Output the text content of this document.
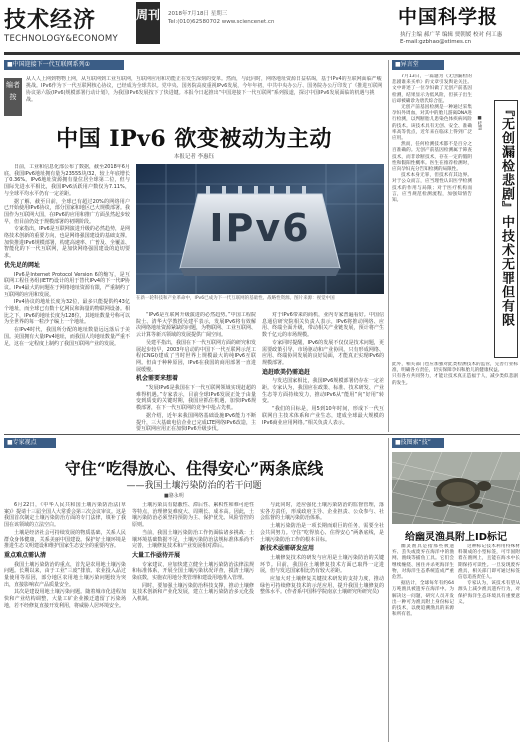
技术经济	周刊
TECHNOLOGY&ECONOMY
2018年7月18日 星期三
Tel:(010)62580702 www.sciencenet.cn	中国科学报
执行主编 郝广苹 编辑 贾朝媛 校对 何工惠
E-mail:gzbhao@stimes.cn
■中国迎接下一代互联网系列①
编者按
从人人上网到物物上网，从互联网到工业互联网，互联网应用和功能正在发生深刻的变革。然而，与此同时，网络地址资源日益枯竭，基于IPv4的互联网面临严峻挑战。IPv6作为下一代互联网核心协议，已经成为全球共识。党中央、国务院高度重视IPv6发展，今年年初，中共中央办公厅、国务院办公厅印发了《推进互联网协议第六版(IPv6)规模部署行动计划》，为我国IPv6发展按下了快进键。本报今日起推出“中国迎接下一代互联网”系列报道，探讨中国IPv6发展面临的机遇与挑战。
中国 IPv6 欲变被动为主动
本报记者 李惠钰

日前，工业和信息化部公布了数据，截至2018年6月底，我国IPv6地址拥有量为23555块/32，较上年底增长了0.36%。IPv6地址资源拥有量位居全球第二位，但与国际先进水平相比，我国IPv6活跃用户数仅为7.11%，与全球平均水平仍有一定差距。

据了解，截至目前，全球已有超过20%的网络用户已开始使用IPv6协议，部分国家和地区已大规模部署。我国作为互联网大国，在IPv6的应用和推广方面虽然起步较早，但目前仍处于规模部署的初期阶段。

专家指出，IPv6是互联网演进升级的必然趋势，是网络技术创新的重要方向，也是网络强国建设的基础支撑。加快推进IPv6规模部署，构建高速率、广普及、全覆盖、智能化的下一代互联网，是加快网络强国建设的迫切要求。

优先足的网址

IPv6是Internet Protocol Version 6的缩写，是互联网工程任务组(IETF)设计的用于替代IPv4的下一代IP协议。IPv4最大的问题在于网络地址资源有限，严重制约了互联网的应用和发展。

IPv4协议的地址长度为32位，最多只能提供约43亿个地址，而全球已有数十亿网民和海量的物联网设备。相比之下，IPv6的地址长度为128位，其地址数量号称可以为全世界的每一粒沙子编上一个地址。

在IPv4时代，我国所分配的地址数量远远落后于美国。美国拥有大量IPv4地址，而我国人均地址数量严重不足，这在一定程度上制约了我国互联网产业的发展。

IPv6
在新一轮科技和产业革命中，IPv6已成为下一代互联网的基础性、战略性资源。图片来源：视觉中国

“IPv6是互联网升级演进的必然趋势。”中国工程院院士、清华大学教授吴建平表示，发展IPv6将有效解决网络地址资源紧缺的问题，为物联网、工业互联网、云计算等新兴领域的发展提供广阔空间。

吴建平指出，我国在下一代互联网方面的研究和发展起步较早，2003年启动的中国下一代互联网示范工程(CNGI)建成了当时世界上规模最大的纯IPv6互联网。但由于种种原因，IPv6在我国的商用部署一直进展缓慢。

机会需要来想着

“发展IPv6是我国在下一代互联网领域实现赶超的难得机遇。”专家表示，目前全球IPv6发展正处于由量变到质变的关键时期，我国应抓住机遇，加快IPv6规模部署，在下一代互联网的竞争中抢占先机。

据介绍，近年来我国网络基础设施IPv6能力不断提升，三大基础电信企业已完成LTE网络IPv6改造，主要互联网应用正在加快IPv6升级步伐。

对于IPv6带来的商机，业内专家普遍看好。中国信息通信研究院相关负责人表示，IPv6将推动网络、应用、终端全面升级，带动相关产业链发展，预计将产生数千亿元的市场规模。

专家同时提醒，IPv6的发展不仅仅是技术问题，更需要政策引导、市场驱动和产业协同。只有形成网络、应用、终端协同发展的良好局面，才能真正实现IPv6的规模部署。

追赶欧美仍需追赶

与发达国家相比，我国IPv6规模部署仍存在一定差距。专家认为，我国应在政策、标准、技术研发、产业生态等方面持续发力，推动IPv6从“能用”向“好用”转变。

“我们的目标是，用5到10年时间，形成下一代互联网自主技术体系和产业生态，建成全球最大规模的IPv6商业应用网络。”相关负责人表示。

■异言堂

7月13日，一篇题为《无创漏检的悲剧谁来买单》的文章引发舆论关注。文中讲述了一位孕妇做了无创产前基因检测，结果显示为低风险，但孩子出生后却被确诊为唐氏综合征。

无创产前基因检测是一种通过采集孕妇外周血，对其中的胎儿游离DNA进行检测，以判断胎儿患染色体疾病风险的技术。该技术具有无创、安全、准确率高等优点，近年来在临床上得到广泛应用。

然而，任何检测技术都不是百分之百准确的。无创产前基因检测属于筛查技术，而非诊断技术，存在一定的假阴性和假阳性概率。医生在推荐检测时，应向孕妇充分告知检测的局限性。

技术本身无罪，但技术有其边界。对于公众而言，应当理性认识医学检测技术的作用与局限；对于医疗机构而言，应当规范检测流程，加强知情告知。

■桂慧	『无创漏检悲剧』中技术无罪但有限

此外，相关部门也应加强对此类检测技术的监管，完善行业标准，明确各方责任，切实保障孕妇和胎儿的健康权益。

只有各方共同努力，才能让技术真正造福于人，减少类似悲剧的发生。

■专家视点
守住“吃得放心、住得安心”两条底线
——我国土壤污染防治的若干问题
■骆永明

6月22日，《中华人民共和国土壤污染防治法(草案)》提请十三届全国人大常委会第三次会议审议。这是我国首次制定土壤污染防治方面的专门法律，填补了我国在该领域的立法空白。

土壤是经济社会可持续发展的物质基础，关系人民群众身体健康，关系美丽中国建设。保护好土壤环境是推进生态文明建设和维护国家生态安全的重要内容。

重点难点需认清

我国土壤污染防治的重点，首先是农用地土壤污染问题。长期以来，由于工业“三废”排放、农业投入品过量使用等原因，部分地区农用地土壤污染问题较为突出，直接影响农产品质量安全。

其次是建设用地土壤污染问题。随着城市化进程加快和产业结构调整，大量工矿企业搬迁遗留了污染场地，若不经修复直接开发利用，将威胁人居环境安全。

土壤污染具有隐蔽性、滞后性、累积性和难可逆性等特点，治理修复难度大、周期长、成本高。因此，土壤污染防治必须坚持预防为主、保护优先、风险管控的原则。

当前，我国土壤污染防治工作仍面临诸多挑战：土壤环境基础数据不足，土壤污染防治法规标准体系尚不完善，土壤修复技术和产业发展相对滞后。

大量工作亟待开展

专家建议，应加快建立健全土壤污染防治法律法规和标准体系，开展全国土壤污染状况详查，摸清土壤污染底数，实施农用地分类管理和建设用地准入管理。

同时，要加强土壤污染防治科技支撑，推动土壤修复技术创新和产业化发展，建立土壤污染防治多元化投入机制。

与此同时，还应强化土壤污染防治的监督管理，落实各方责任，形成政府主导、企业担责、公众参与、社会监督的土壤污染防治体系。

土壤污染防治是一项长期而艰巨的任务，需要全社会共同努力。守住“吃得放心、住得安心”两条底线，是土壤污染防治工作的根本目标。

新技术亟需研发应用

土壤修复技术的研发与应用是土壤污染防治的关键环节。目前，我国在土壤修复技术方面已取得一定进展，但与发达国家相比仍有较大差距。

应加大对土壤修复关键技术研发的支持力度，推动绿色可持续修复技术的示范应用，提升我国土壤修复的整体水平。(作者系中国科学院南京土壤研究所研究员)

■技图索“技”
给幽灵渔具附上ID标记

幽灵渔具是指那些被遗弃、丢失或废弃在海洋中的渔网、渔线等捕鱼工具。它们会继续缠绕、困住并杀死海洋生物，对海洋生态系统造成严重危害。

据估计，全球每年有约64万吨渔具被遗弃在海洋中。为解决这一问题，研究人员开发出一种可为渔具附上身份标记的技术，以便追溯渔具的来源和所有者。

这种标记技术利用特殊材料制成的小型标签，可牢固附着在渔网上，且能在海水中长期保持可读性。一旦发现废弃渔具，相关部门即可通过标签信息追查责任人。

专家认为，该技术有望从源头上减少渔具遗弃行为，对保护海洋生态环境具有重要意义。
